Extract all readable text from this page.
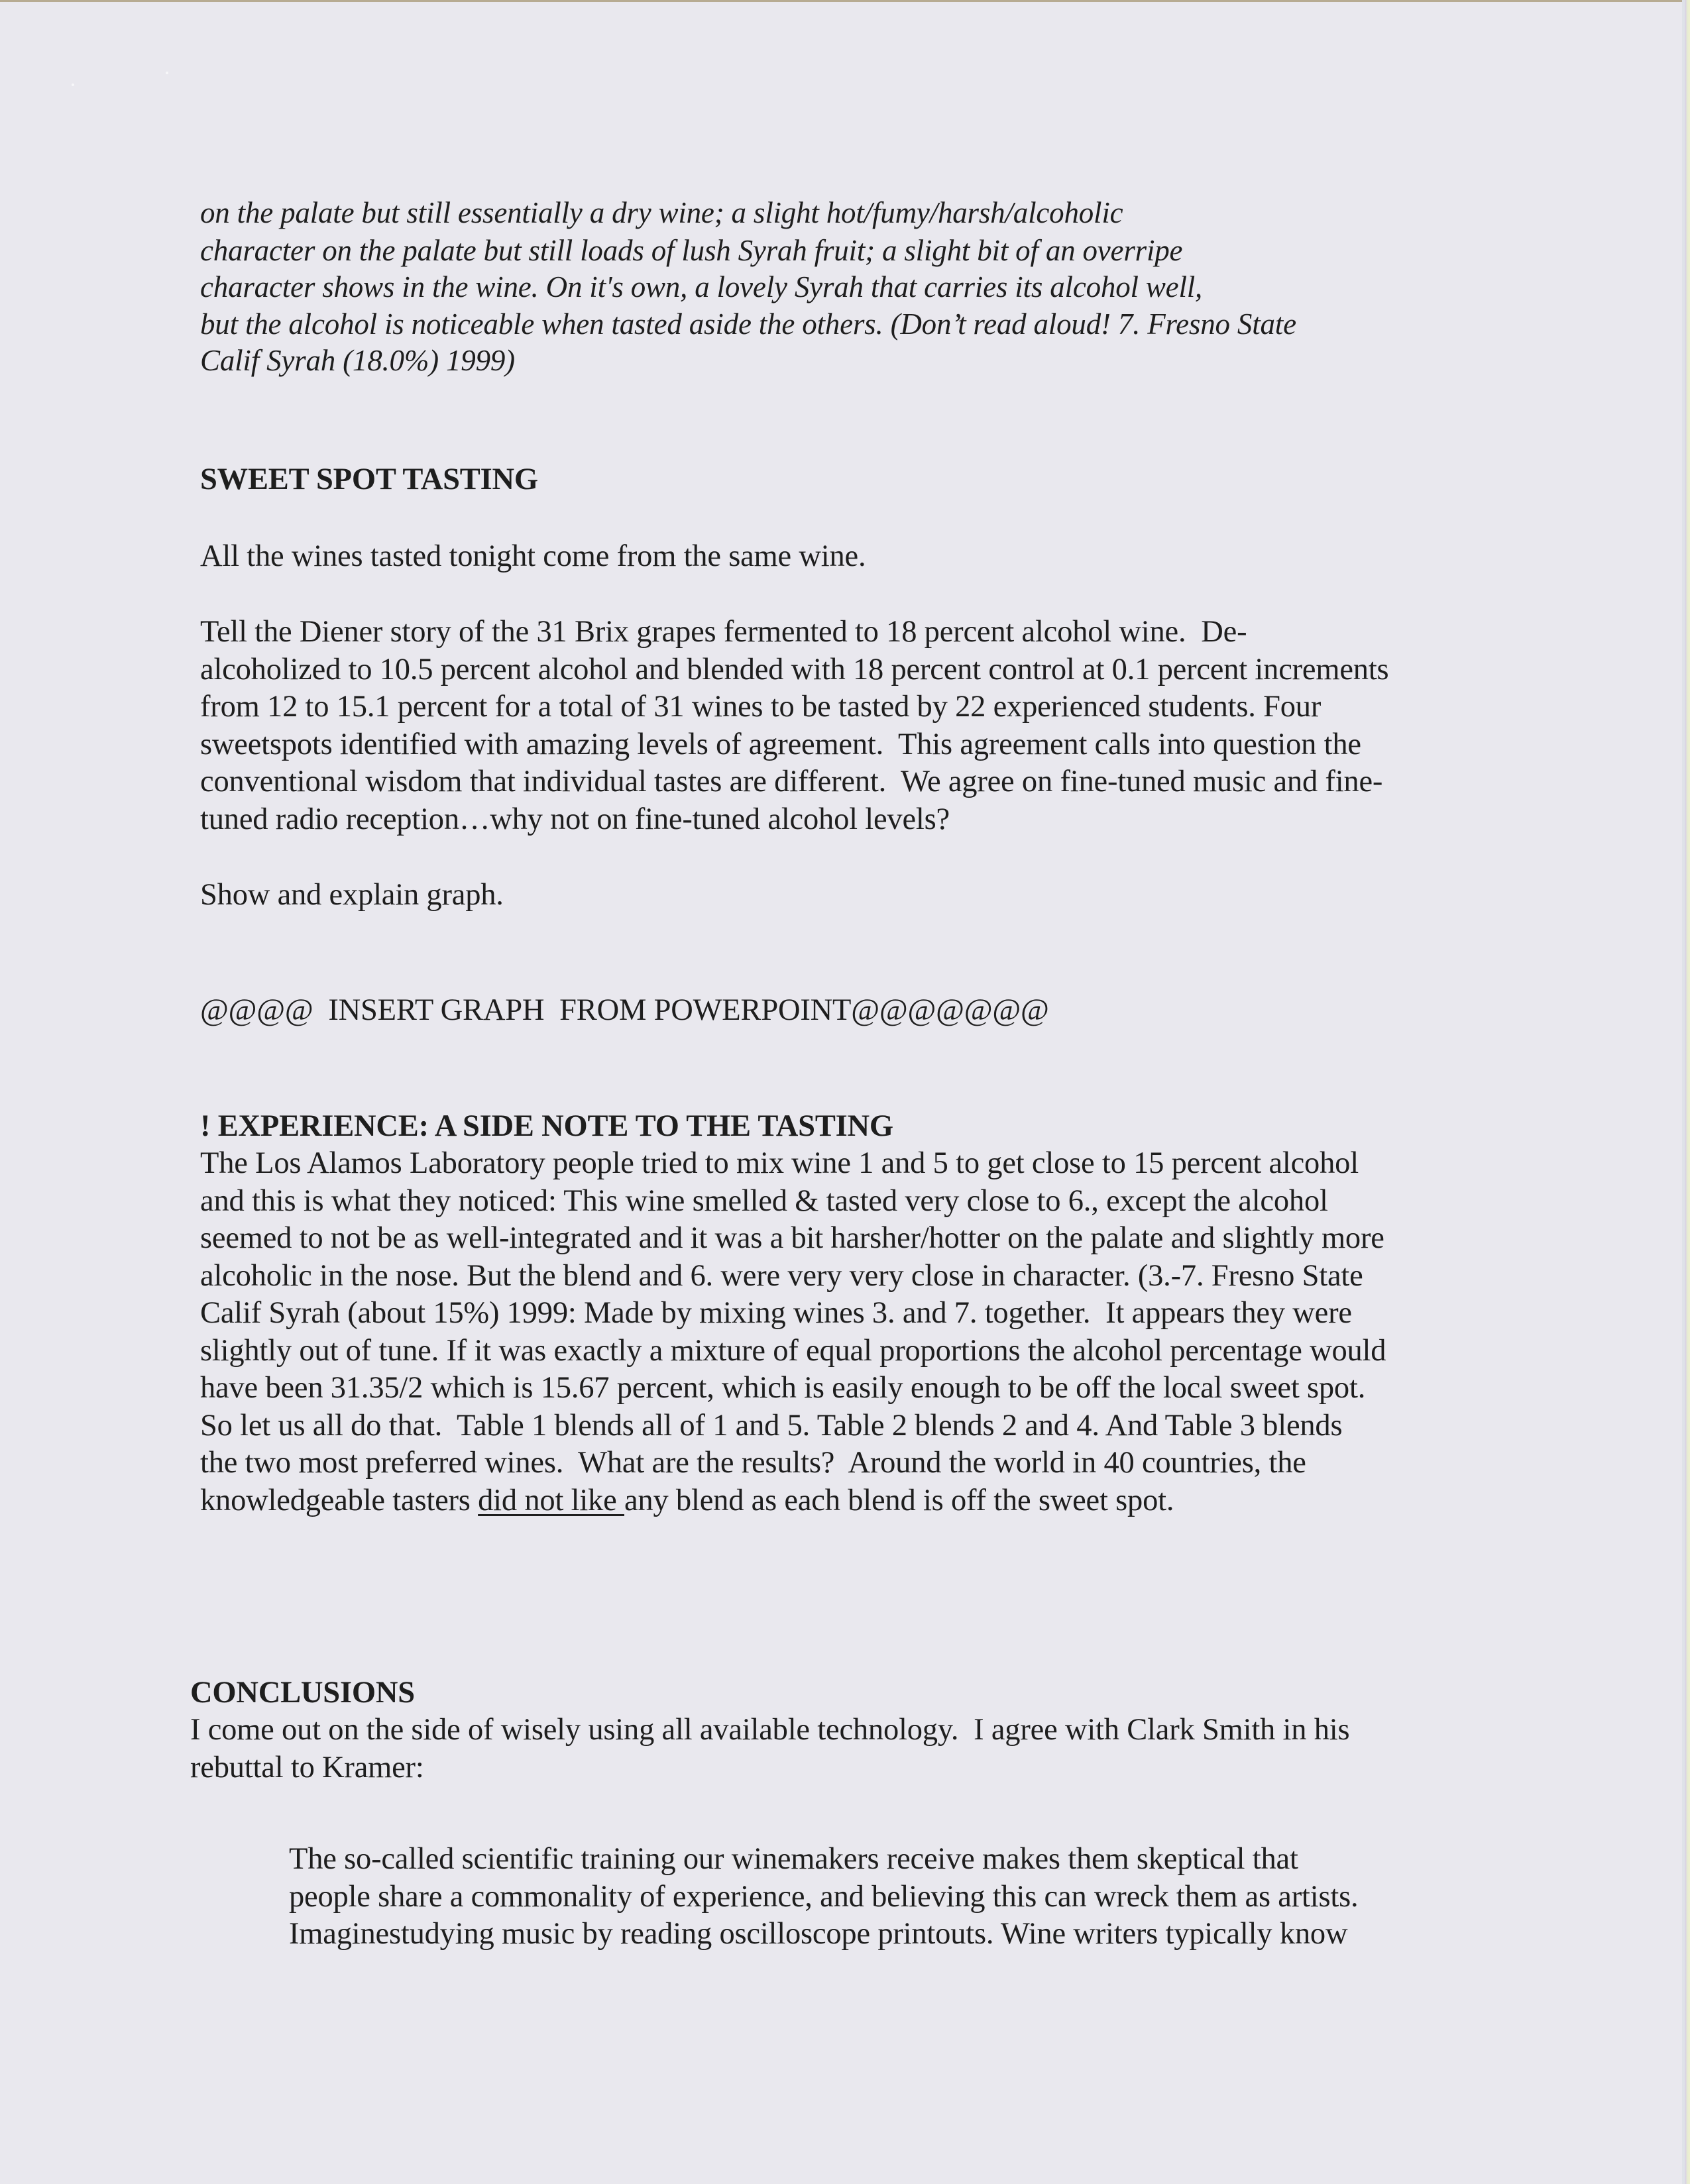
on the palate but still essentially a dry wine; a slight hot/fumy/harsh/alcoholic
character on the palate but still loads of lush Syrah fruit; a slight bit of an overripe
character shows in the wine. On it's own, a lovely Syrah that carries its alcohol well,
but the alcohol is noticeable when tasted aside the others. (Don’t read aloud! 7. Fresno State
Calif Syrah (18.0%) 1999)
SWEET SPOT TASTING
All the wines tasted tonight come from the same wine.
Tell the Diener story of the 31 Brix grapes fermented to 18 percent alcohol wine.  De-
alcoholized to 10.5 percent alcohol and blended with 18 percent control at 0.1 percent increments
from 12 to 15.1 percent for a total of 31 wines to be tasted by 22 experienced students. Four
sweetspots identified with amazing levels of agreement.  This agreement calls into question the
conventional wisdom that individual tastes are different.  We agree on fine-tuned music and fine-
tuned radio reception…why not on fine-tuned alcohol levels?
Show and explain graph.
@@@@  INSERT GRAPH  FROM POWERPOINT@@@@@@@
! EXPERIENCE: A SIDE NOTE TO THE TASTING
The Los Alamos Laboratory people tried to mix wine 1 and 5 to get close to 15 percent alcohol
and this is what they noticed: This wine smelled & tasted very close to 6., except the alcohol
seemed to not be as well-integrated and it was a bit harsher/hotter on the palate and slightly more
alcoholic in the nose. But the blend and 6. were very very close in character. (3.-7. Fresno State
Calif Syrah (about 15%) 1999: Made by mixing wines 3. and 7. together.  It appears they were
slightly out of tune. If it was exactly a mixture of equal proportions the alcohol percentage would
have been 31.35/2 which is 15.67 percent, which is easily enough to be off the local sweet spot.
So let us all do that.  Table 1 blends all of 1 and 5. Table 2 blends 2 and 4. And Table 3 blends
the two most preferred wines.  What are the results?  Around the world in 40 countries, the
knowledgeable tasters did not like any blend as each blend is off the sweet spot.
CONCLUSIONS
I come out on the side of wisely using all available technology.  I agree with Clark Smith in his
rebuttal to Kramer:
The so-called scientific training our winemakers receive makes them skeptical that
people share a commonality of experience, and believing this can wreck them as artists.
Imaginestudying music by reading oscilloscope printouts. Wine writers typically know
